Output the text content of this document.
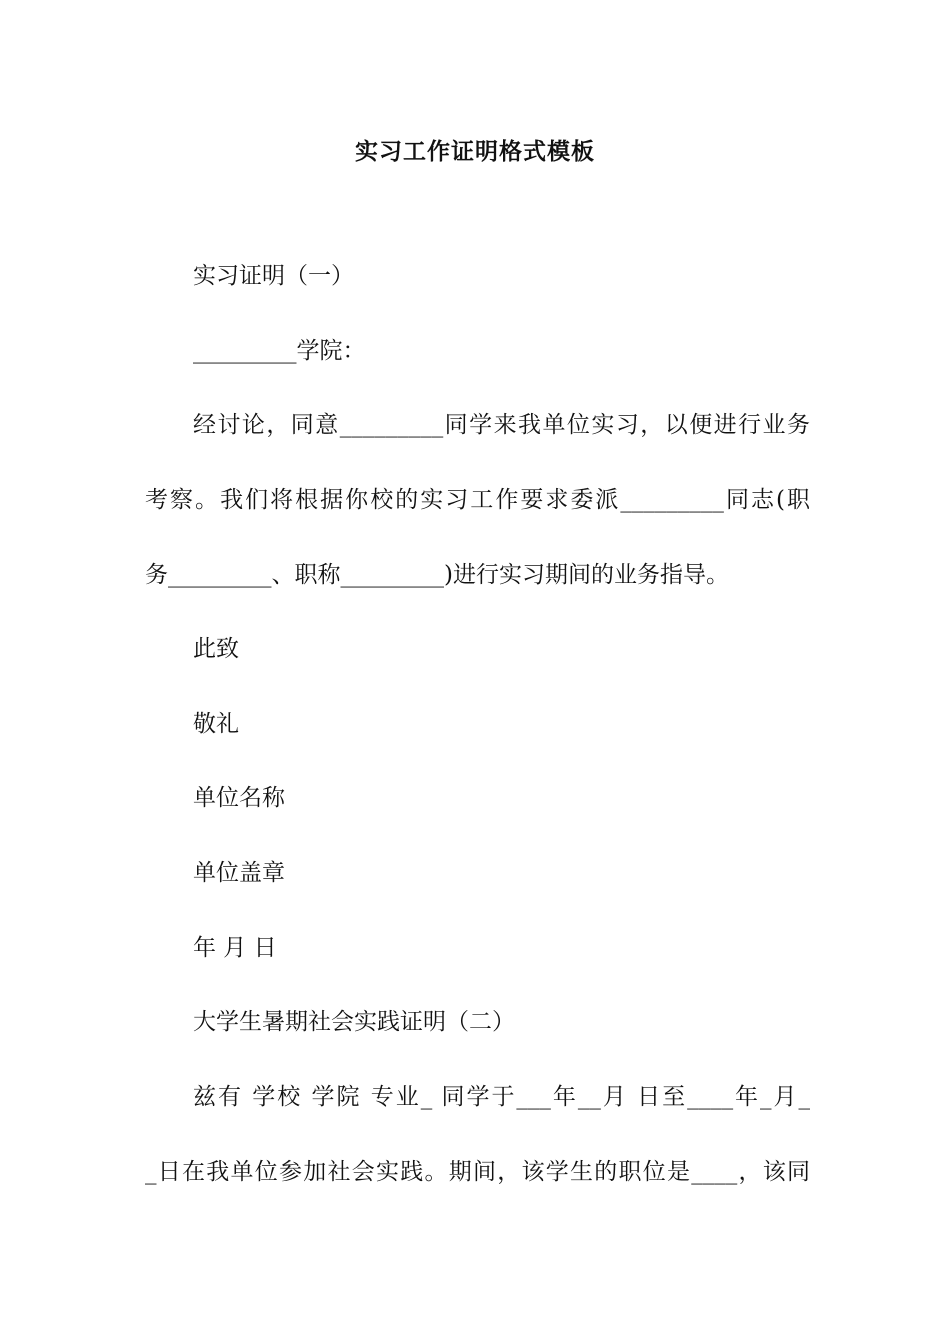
实习工作证明格式模板

实习证明（一）

_________学院：

经讨论，同意_________同学来我单位实习，以便进行业务

考察。我们将根据你校的实习工作要求委派_________同志(职

务_________、职称_________)进行实习期间的业务指导。

此致

敬礼

单位名称

单位盖章

年 月 日

大学生暑期社会实践证明（二）

兹有 学校 学院 专业_ 同学于___年__月 日至____年_月_

_日在我单位参加社会实践。期间，该学生的职位是____，该同
